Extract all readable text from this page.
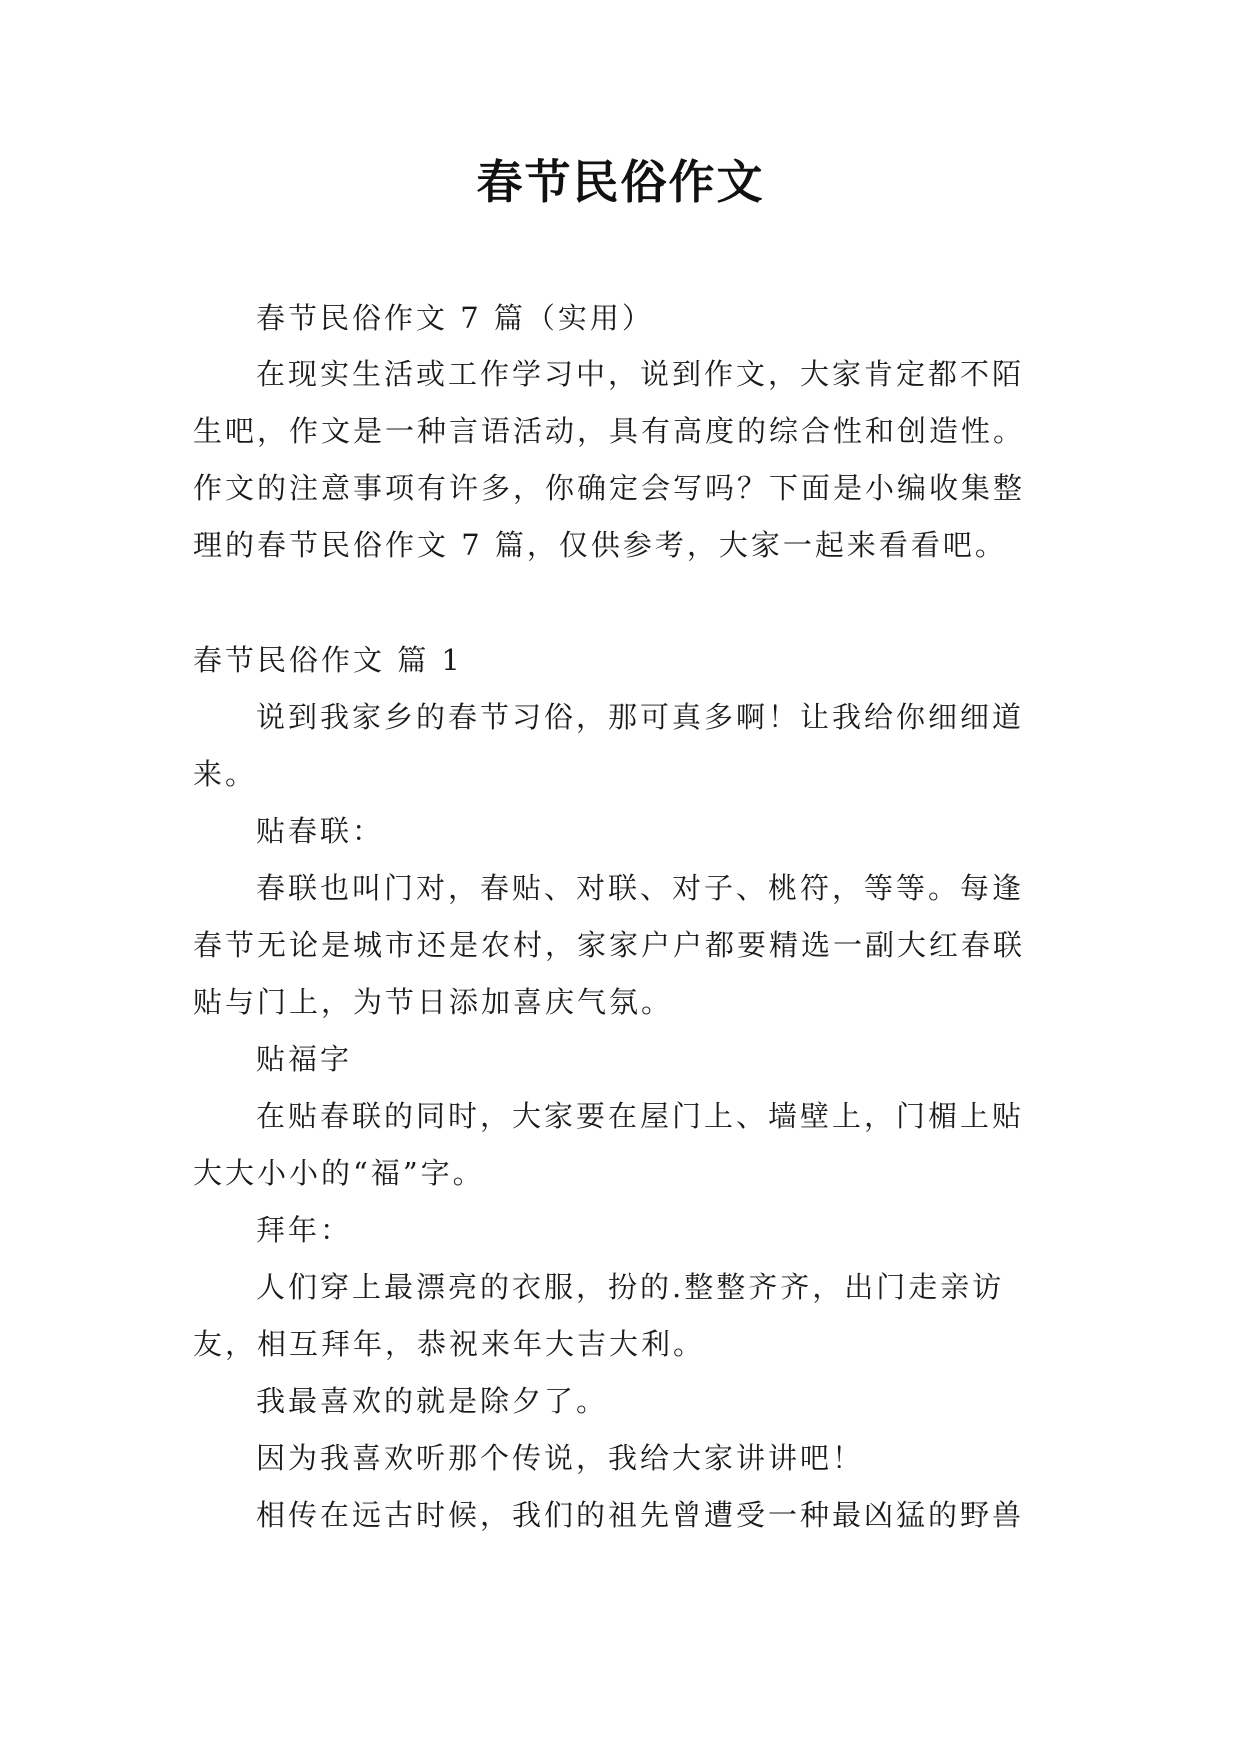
春节民俗作文
春节民俗作文 7 篇（实用）
在现实生活或工作学习中，说到作文，大家肯定都不陌
生吧，作文是一种言语活动，具有高度的综合性和创造性。
作文的注意事项有许多，你确定会写吗？下面是小编收集整
理的春节民俗作文 7 篇，仅供参考，大家一起来看看吧。
春节民俗作文 篇 1
说到我家乡的春节习俗，那可真多啊！让我给你细细道
来。
贴春联：
春联也叫门对，春贴、对联、对子、桃符，等等。每逢
春节无论是城市还是农村，家家户户都要精选一副大红春联
贴与门上，为节日添加喜庆气氛。
贴福字
在贴春联的同时，大家要在屋门上、墙壁上，门楣上贴
大大小小的“福”字。
拜年：
人们穿上最漂亮的衣服，扮的.整整齐齐，出门走亲访
友，相互拜年，恭祝来年大吉大利。
我最喜欢的就是除夕了。
因为我喜欢听那个传说，我给大家讲讲吧！
相传在远古时候，我们的祖先曾遭受一种最凶猛的野兽
